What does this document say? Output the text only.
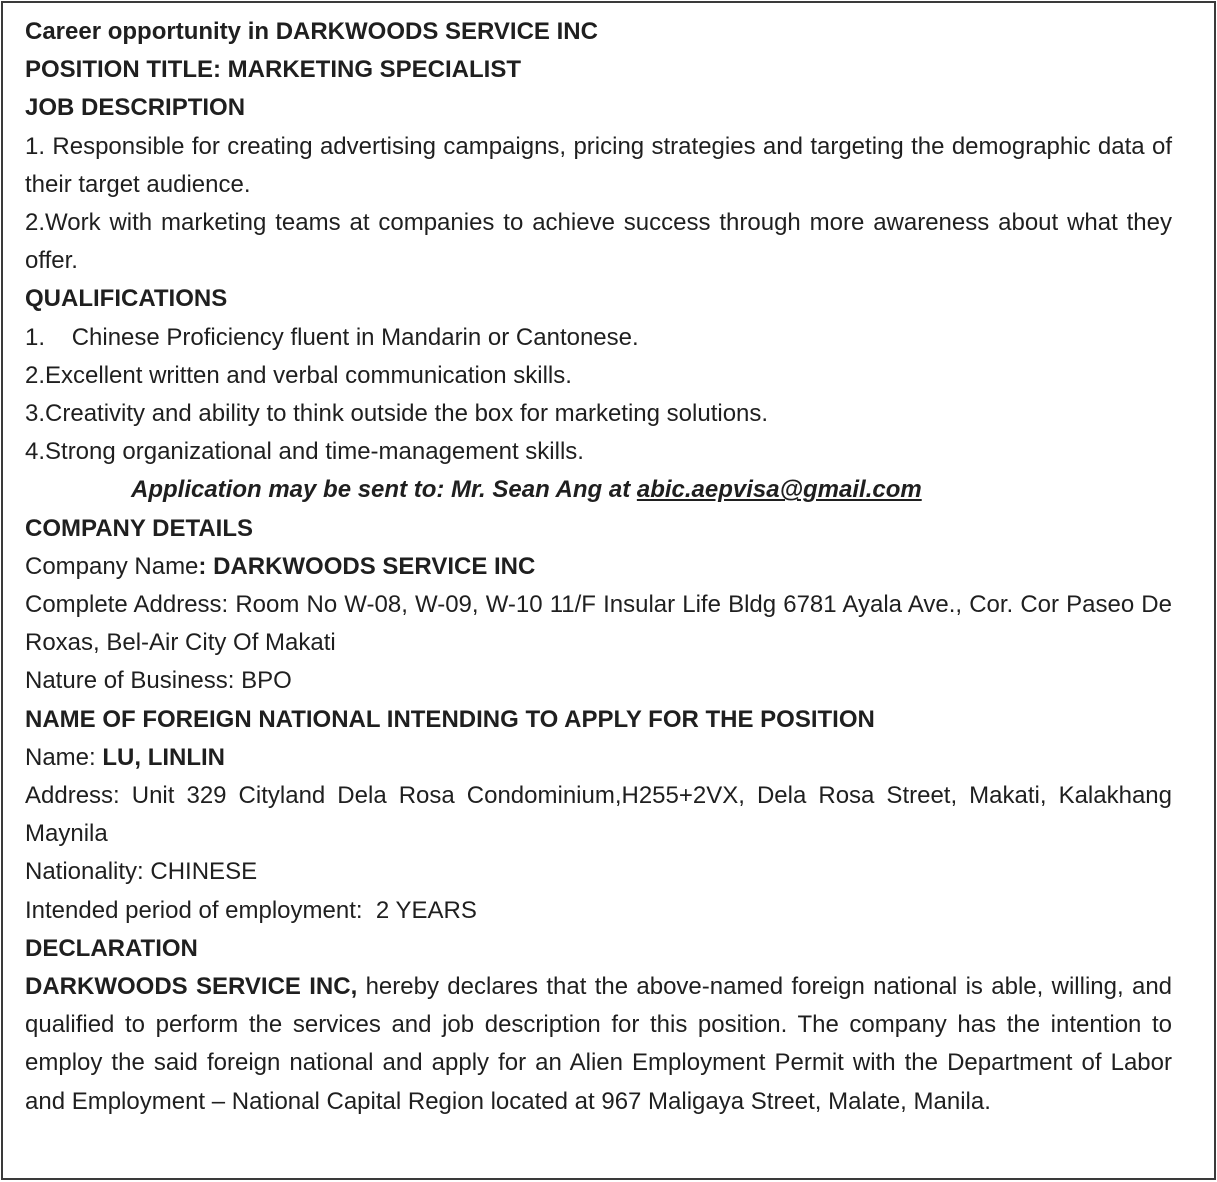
Career opportunity in DARKWOODS SERVICE INC

POSITION TITLE: MARKETING SPECIALIST

JOB DESCRIPTION

1. Responsible for creating advertising campaigns, pricing strategies and targeting the demographic data of their target audience.

2.Work with marketing teams at companies to achieve success through more awareness about what they offer.

QUALIFICATIONS

1. Chinese Proficiency fluent in Mandarin or Cantonese.

2.Excellent written and verbal communication skills.

3.Creativity and ability to think outside the box for marketing solutions.

4.Strong organizational and time-management skills.

Application may be sent to: Mr. Sean Ang at abic.aepvisa@gmail.com

COMPANY DETAILS

Company Name: DARKWOODS SERVICE INC

Complete Address: Room No W-08, W-09, W-10 11/F Insular Life Bldg 6781 Ayala Ave., Cor. Cor Paseo De Roxas, Bel-Air City Of Makati

Nature of Business: BPO

NAME OF FOREIGN NATIONAL INTENDING TO APPLY FOR THE POSITION

Name: LU, LINLIN

Address: Unit 329 Cityland Dela Rosa Condominium,H255+2VX, Dela Rosa Street, Makati, Kalakhang Maynila

Nationality: CHINESE

Intended period of employment:  2 YEARS

DECLARATION

DARKWOODS SERVICE INC, hereby declares that the above-named foreign national is able, willing, and qualified to perform the services and job description for this position. The company has the intention to employ the said foreign national and apply for an Alien Employment Permit with the Department of Labor and Employment – National Capital Region located at 967 Maligaya Street, Malate, Manila.
